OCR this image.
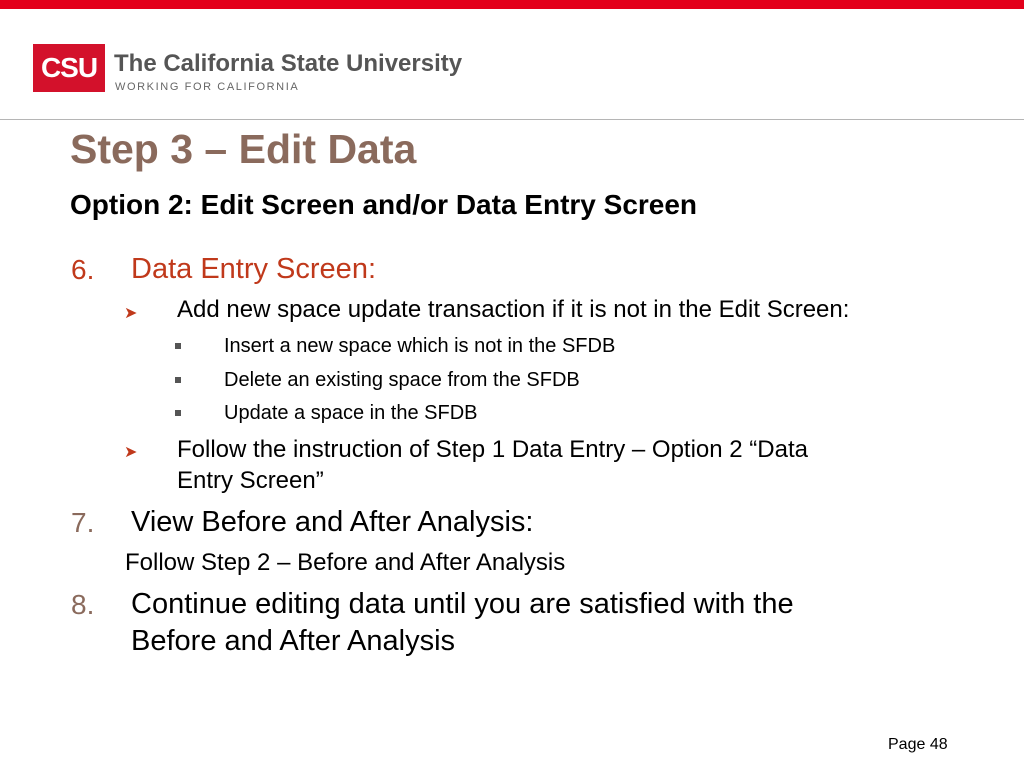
CSU The California State University
WORKING FOR CALIFORNIA
Step 3 – Edit Data
Option 2: Edit Screen and/or Data Entry Screen
6. Data Entry Screen:
➤ Add new space update transaction if it is not in the Edit Screen:
Insert a new space which is not in the SFDB
Delete an existing space from the SFDB
Update a space in the SFDB
➤ Follow the instruction of Step 1 Data Entry – Option 2 “Data
Entry Screen”
7. View Before and After Analysis:
Follow Step 2 – Before and After Analysis
8. Continue editing data until you are satisfied with the
Before and After Analysis
Page 48
